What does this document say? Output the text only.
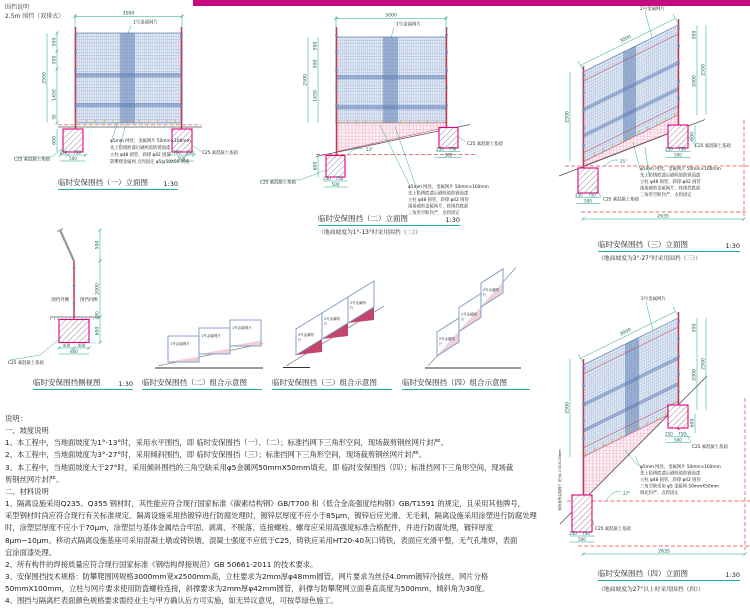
围挡说明
2.5m 围挡（双排式）	3000
1号金属网片
500
500
1450
50
2500
600
250 750
500
750 250
500
φ5mm 网丝，金属网片 50mm×100mm
先上防锈底漆后刷两道防锈面漆
立柱 φ48 圆管，斜撑 φ42 圆管
防攀爬金属网 点焊固定 φ5@50X50 网格
C25 素混凝土基础
C25 素混凝土基础
3000
1号金属网片
500
500
1450
2500
600
250 750
500
250 750
500
13°
φ5mm 网丝，金属网片 50mm×100mm
先上防锈底漆后刷两道防锈面漆
立柱 φ48 圆管，斜撑 φ42 圆管
现场裁剪金属网片，将围挡底部
三角形空缺封严，点焊固定
C25 素混凝土基础
C25 素混凝土基础
3000
2号金属网片
500
2000
2500
600
2500
250 750
500
250 750
500
φ5mm 网丝，金属网片 50mm×100mm
先上防锈底漆后刷两道防锈面漆
立柱 φ48 圆管，斜撑 φ42 圆管
现场裁剪金属网片，将围挡底部
三角形空缺封严，点焊固定
2935
25°
C25 素混凝土基础
C25 素混凝土基础
3000
2号金属网片
500
2000
2500
600
2500
现场裁剪金属网片 丝径4.0 50X100mm
250 750
500
250 750
500
φ5mm 网丝，金属网片 50mm×100mm
先上防锈底漆后刷两道防锈面漆
立柱 φ48 圆管，斜撑 φ42 圆管
三角空缺采用 φ5 金属网 50mmX50mm
填充封严，点焊固定
2635
27°
C25 素混凝土基础
C25 素混凝土基础
围挡外侧	围挡内侧
500
2000
100
600
400 400
800
C25 素混凝土基础
1号金属网片
1号金属网片
1号金属网片
2号金属网
片
2号金属网
片
2号金属网
片
2号金属网
片
2号金属网
片
2号金属网
片
临时安保围挡（一）立面图 1:30
临时安保围挡（二）立面图	1:30
（地面坡度为1°-13°时采用围挡（二））
临时安保围挡（三）立面图	1:30
（地面坡度为3°-27°时采用围挡（三））
临时安保围挡（四）立面图	1:30
（地面坡度为27°以上时采用围挡（四））
临时安保围挡侧视图	1:30 临时安保围挡（二）组合示意图	临时安保围挡（三）组合示意图	临时安保围挡（四）组合示意图
说明：
一、坡度说明
1、本工程中，当地面坡度为1°-13°时，采用水平围挡，即 临时安保围挡（一）、（二）；标准挡网下三角形空间，现场裁剪钢丝网片封严。
2、本工程中，当地面坡度为3°-27°时，采用倾斜围挡，即 临时安保围挡（三）；标准挡网下三角形空间，现场裁剪钢丝网片封严。
3、本工程中，当地面坡度大于27°时，采用倾斜围挡的三角空缺采用φ5金属网50mmX50mm填充，即 临时安保围挡（四）；标准挡网下三角形空间，现场裁
剪钢丝网片封严。
二、材料说明
1、隔离设施采用Q235、Q355 钢材时，其性能应符合现行国家标准《碳素结构钢》GB/T700 和《低合金高强度结构钢》GB/T1591 的规定，且采用其他牌号，
采型钢材时尚应符合现行有关标准规定。隔离设施采用热镀锌进行防腐处理时，镀锌层厚度不应小于85μm，镀锌后应光滑、无毛刺，隔离设施采用涂塑进行防腐处理
时，涂塑层厚度不应小于70μm，涂塑层与基体金属结合牢固、剥离、不脱落、连接螺栓、螺母应采用高强度标准合格配件，并进行防腐处理，镀锌厚度
8μm~10μm。移动式隔离设施基座可采用混凝土墩或铸铁墩，混凝土强度不应低于C25，铸铁应采用HT20-40灰口铸铁，表面应光滑平整，无气孔堆焊，表面
宜涂面漆处理。
2、所有构件的焊接质量应符合现行国家标准《钢结构焊接规范》GB 50661-2011 的技术要求。
3、安保围挡技术规格：防攀爬围网规格3000mm宽x2500mm高，立柱要求为2mm厚φ48mm圆管，网片要求为丝径4.0mm镀锌冷拔丝，网片分格
50mmX100mm，立柱与网片要求使用防盗螺栓连接，斜撑要求为2mm厚φ42mm圆管，斜撑与防攀爬网立面垂直高度为500mm，倾斜角为30度。
4、围挡与隔离栏表面颜色规格要求需经业主与甲方确认后方可实施，如无异议意见，可按草绿色施工。
